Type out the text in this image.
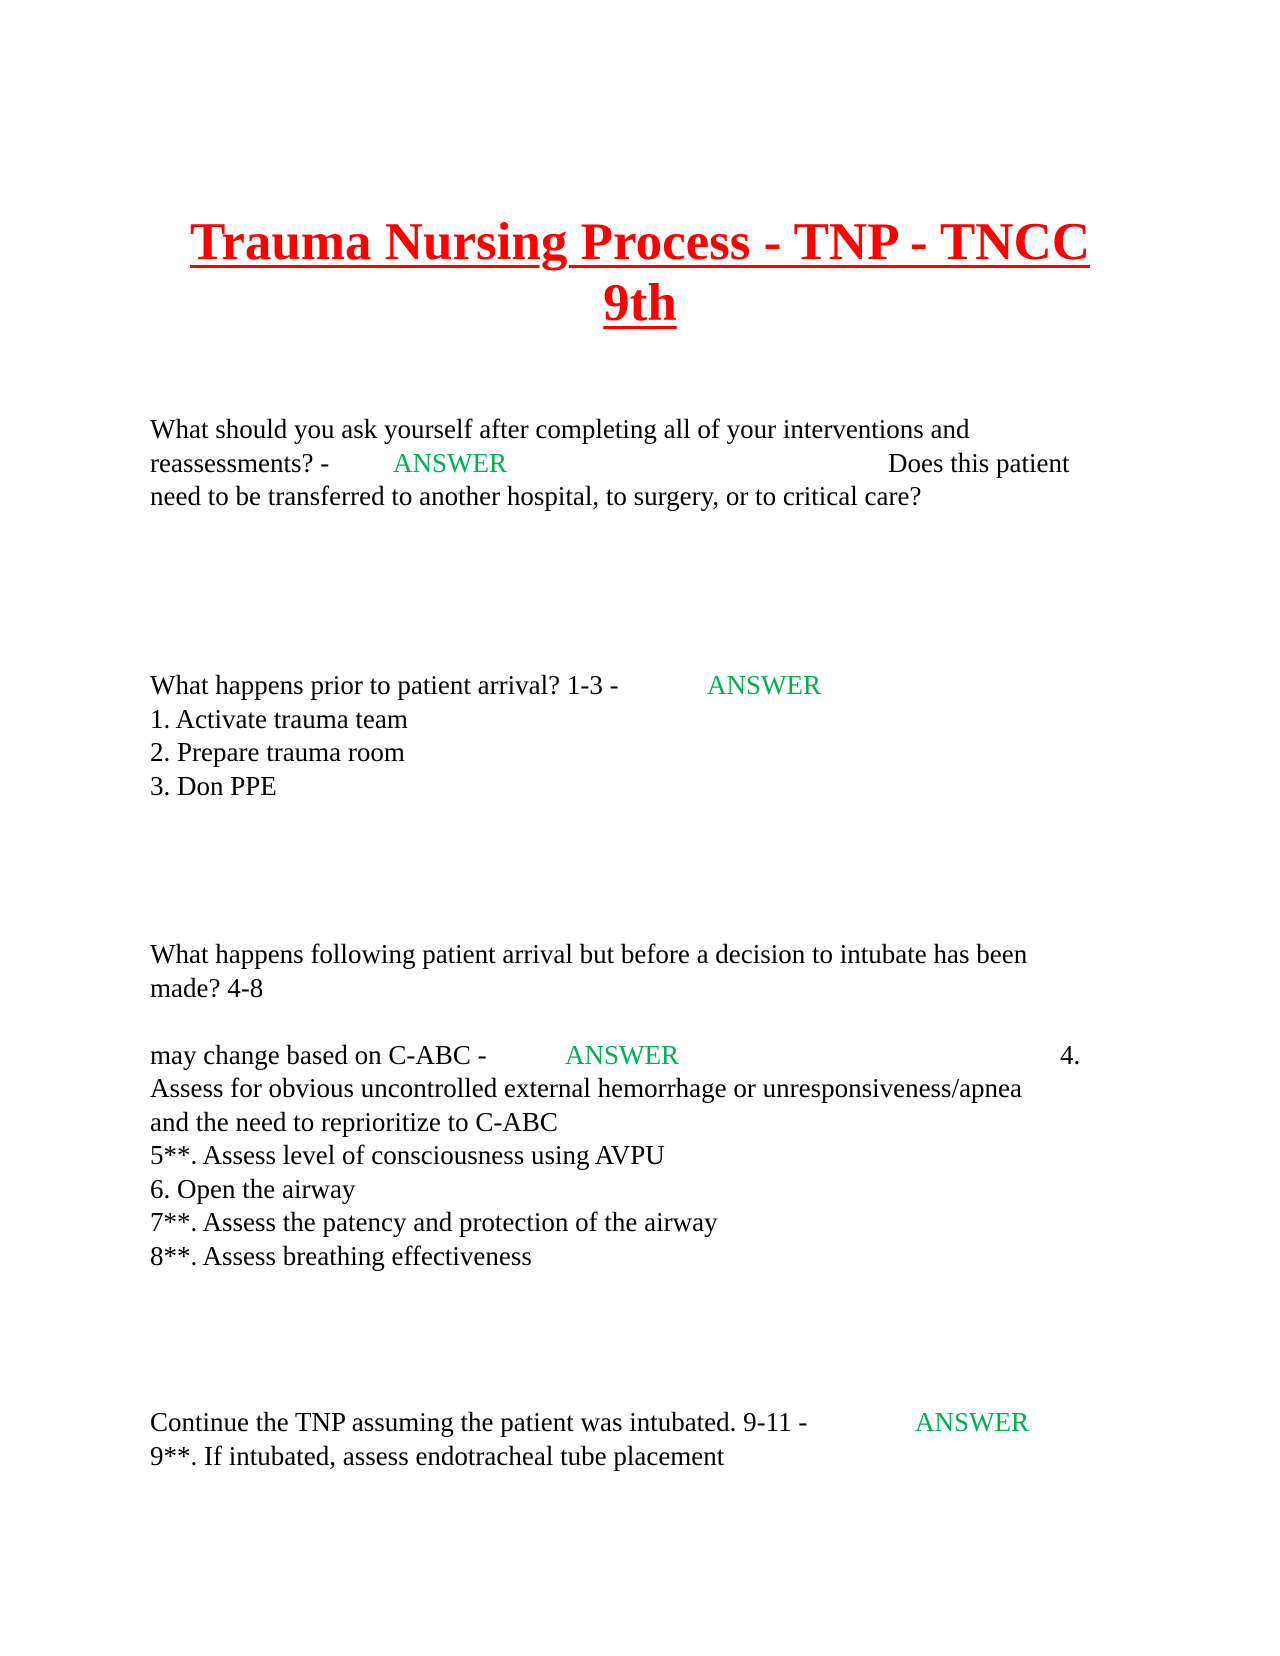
Trauma Nursing Process - TNP - TNCC
9th
What should you ask yourself after completing all of your interventions and
reassessments? - ANSWER	Does this patient
need to be transferred to another hospital, to surgery, or to critical care?
What happens prior to patient arrival? 1-3 -	ANSWER
1. Activate trauma team
2. Prepare trauma room
3. Don PPE
What happens following patient arrival but before a decision to intubate has been
made? 4-8
may change based on C-ABC -	ANSWER	4.
Assess for obvious uncontrolled external hemorrhage or unresponsiveness/apnea
and the need to reprioritize to C-ABC
5**. Assess level of consciousness using AVPU
6. Open the airway
7**. Assess the patency and protection of the airway
8**. Assess breathing effectiveness
Continue the TNP assuming the patient was intubated. 9-11 -	ANSWER
9**. If intubated, assess endotracheal tube placement
